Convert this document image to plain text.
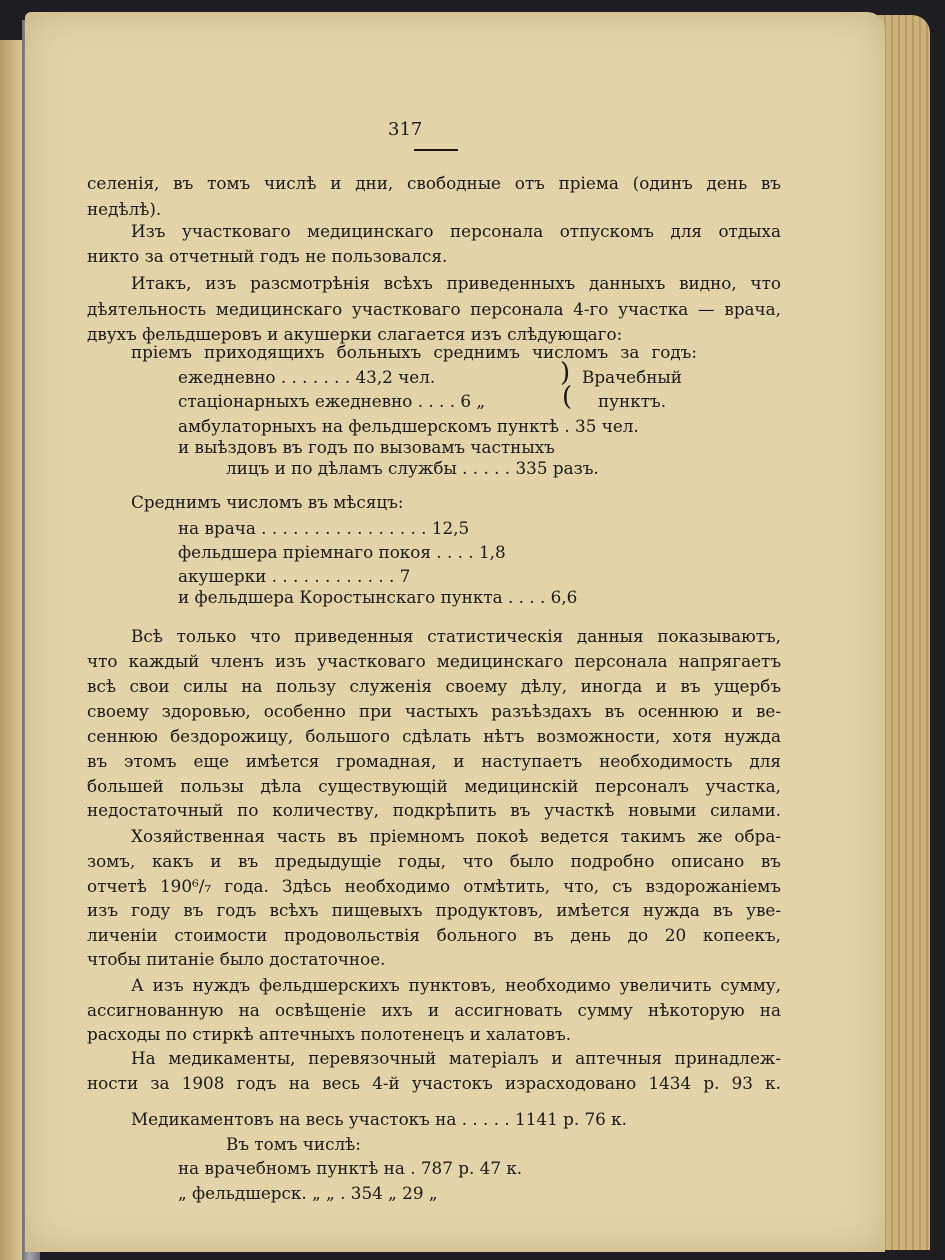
317
селенія, въ томъ числѣ и дни, свободные отъ пріема (одинъ день въ
недѣлѣ).
Изъ участковаго медицинскаго персонала отпускомъ для отдыха
никто за отчетный годъ не пользовался.
Итакъ, изъ разсмотрѣнія всѣхъ приведенныхъ данныхъ видно, что
дѣятельность медицинскаго участковаго персонала 4-го участка — врача,
двухъ фельдшеровъ и акушерки слагается изъ слѣдующаго:
пріемъ приходящихъ больныхъ среднимъ числомъ за годъ:
ежедневно . . . . . . . 43,2 чел.	) Врачебный
стаціонарныхъ ежедневно . . . . 6 „	( пунктъ.
амбулаторныхъ на фельдшерскомъ пунктѣ . 35 чел.
и выѣздовъ въ годъ по вызовамъ частныхъ
лицъ и по дѣламъ службы . . . . . 335 разъ.
Среднимъ числомъ въ мѣсяцъ:
на врача . . . . . . . . . . . . . . . . 12,5
фельдшера пріемнаго покоя . . . . 1,8
акушерки . . . . . . . . . . . . 7
и фельдшера Коростынскаго пункта . . . . 6,6
Всѣ только что приведенныя статистическія данныя показываютъ,
что каждый членъ изъ участковаго медицинскаго персонала напрягаетъ
всѣ свои силы на пользу служенія своему дѣлу, иногда и въ ущербъ
своему здоровью, особенно при частыхъ разъѣздахъ въ осеннюю и ве-
сеннюю бездорожицу, большого сдѣлать нѣтъ возможности, хотя нужда
въ этомъ еще имѣется громадная, и наступаетъ необходимость для
большей пользы дѣла существующій медицинскій персоналъ участка,
недостаточный по количеству, подкрѣпить въ участкѣ новыми силами.
Хозяйственная часть въ пріемномъ покоѣ ведется такимъ же обра-
зомъ, какъ и въ предыдущіе годы, что было подробно описано въ
отчетѣ 190⁶/₇ года. Здѣсь необходимо отмѣтить, что, съ вздорожаніемъ
изъ году въ годъ всѣхъ пищевыхъ продуктовъ, имѣется нужда въ уве-
личеніи стоимости продовольствія больного въ день до 20 копеекъ,
чтобы питаніе было достаточное.
А изъ нуждъ фельдшерскихъ пунктовъ, необходимо увеличить сумму,
ассигнованную на освѣщеніе ихъ и ассигновать сумму нѣкоторую на
расходы по стиркѣ аптечныхъ полотенецъ и халатовъ.
На медикаменты, перевязочный матеріалъ и аптечныя принадлеж-
ности за 1908 годъ на весь 4-й участокъ израсходовано 1434 р. 93 к.
Медикаментовъ на весь участокъ на . . . . . 1141 р. 76 к.
Въ томъ числѣ:
на врачебномъ пунктѣ на . 787 р. 47 к.
„ фельдшерск. „ „ . 354 „ 29 „
